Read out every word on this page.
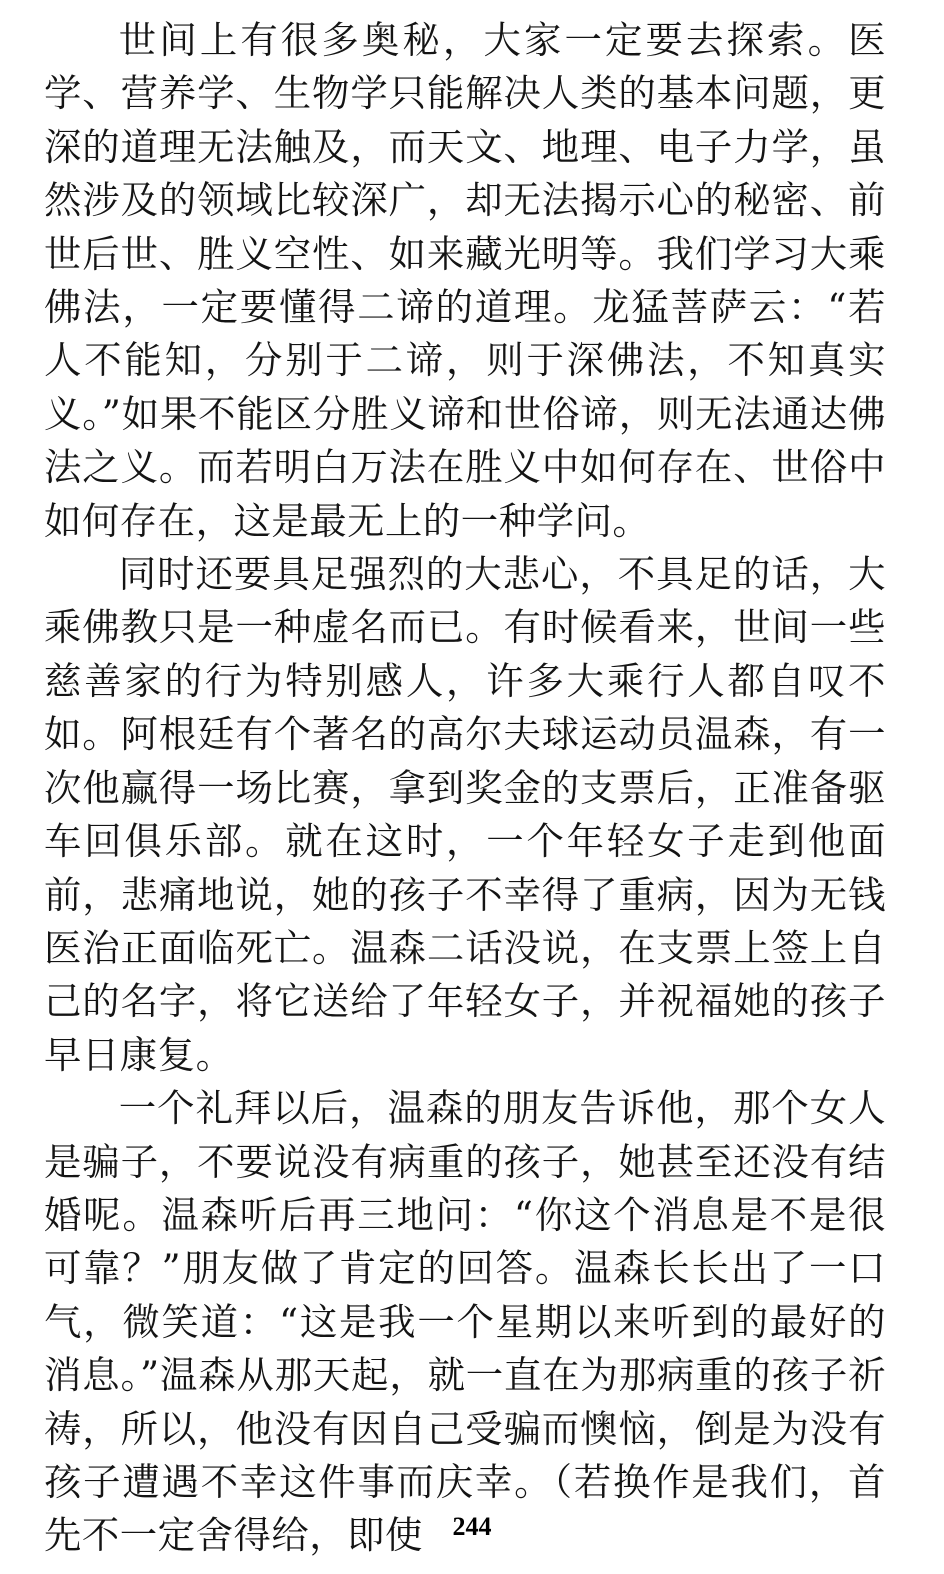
世间上有很多奥秘，大家一定要去探索。医学、营养学、生物学只能解决人类的基本问题，更深的道理无法触及，而天文、地理、电子力学，虽然涉及的领域比较深广，却无法揭示心的秘密、前世后世、胜义空性、如来藏光明等。我们学习大乘佛法，一定要懂得二谛的道理。龙猛菩萨云：“若人不能知，分别于二谛，则于深佛法，不知真实义。”如果不能区分胜义谛和世俗谛，则无法通达佛法之义。而若明白万法在胜义中如何存在、世俗中如何存在，这是最无上的一种学问。

同时还要具足强烈的大悲心，不具足的话，大乘佛教只是一种虚名而已。有时候看来，世间一些慈善家的行为特别感人，许多大乘行人都自叹不如。阿根廷有个著名的高尔夫球运动员温森，有一次他赢得一场比赛，拿到奖金的支票后，正准备驱车回俱乐部。就在这时，一个年轻女子走到他面前，悲痛地说，她的孩子不幸得了重病，因为无钱医治正面临死亡。温森二话没说，在支票上签上自己的名字，将它送给了年轻女子，并祝福她的孩子早日康复。

一个礼拜以后，温森的朋友告诉他，那个女人是骗子，不要说没有病重的孩子，她甚至还没有结婚呢。温森听后再三地问：“你这个消息是不是很可靠？”朋友做了肯定的回答。温森长长出了一口气，微笑道：“这是我一个星期以来听到的最好的消息。”温森从那天起，就一直在为那病重的孩子祈祷，所以，他没有因自己受骗而懊恼，倒是为没有孩子遭遇不幸这件事而庆幸。（若换作是我们，首先不一定舍得给，即使	244
